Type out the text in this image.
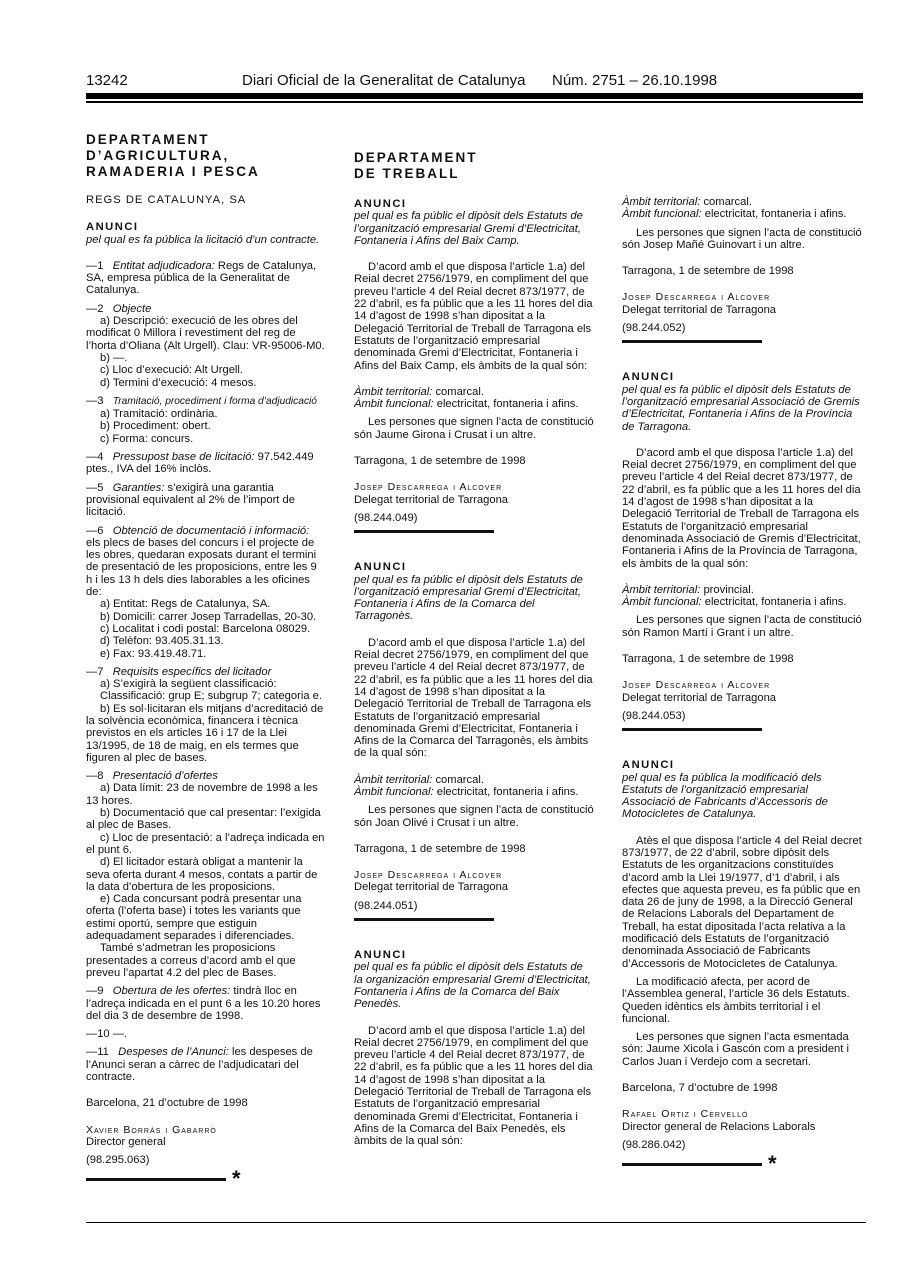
13242	Diari Oficial de la Generalitat de Catalunya Núm. 2751 – 26.10.1998
DEPARTAMENT
D’AGRICULTURA,
RAMADERIA I PESCA
REGS DE CATALUNYA, SA
ANUNCI
pel qual es fa pública la licitació d’un contracte.

—1 Entitat adjudicadora: Regs de Catalunya, SA, empresa pública de la Generalitat de Catalunya.

—2 Objecte

a) Descripció: execució de les obres del modificat 0 Millora i revestiment del reg de l’horta d’Oliana (Alt Urgell). Clau: VR-95006-M0.

b) —.

c) Lloc d’execució: Alt Urgell.

d) Termini d’execució: 4 mesos.

—3 Tramitació, procediment i forma d’adjudicació

a) Tramitació: ordinària.

b) Procediment: obert.

c) Forma: concurs.

—4 Pressupost base de licitació: 97.542.449 ptes., IVA del 16% inclòs.

—5 Garanties: s’exigirà una garantia provisional equivalent al 2% de l’import de licitació.

—6 Obtenció de documentació i informació: els plecs de bases del concurs i el projecte de les obres, quedaran exposats durant el termini de presentació de les proposicions, entre les 9 h i les 13 h dels dies laborables a les oficines de:

a) Entitat: Regs de Catalunya, SA.

b) Domicili: carrer Josep Tarradellas, 20-30.

c) Localitat i codi postal: Barcelona 08029.

d) Telèfon: 93.405.31.13.

e) Fax: 93.419.48.71.

—7 Requisits específics del licitador

a) S’exigirà la següent classificació:

Classificació: grup E; subgrup 7; categoria e.

b) Es sol·licitaran els mitjans d’acreditació de la solvència econòmica, financera i tècnica previstos en els articles 16 i 17 de la Llei 13/1995, de 18 de maig, en els termes que figuren al plec de bases.

—8 Presentació d’ofertes

a) Data límit: 23 de novembre de 1998 a les 13 hores.

b) Documentació que cal presentar: l’exigida al plec de Bases.

c) Lloc de presentació: a l’adreça indicada en el punt 6.

d) El licitador estarà obligat a mantenir la seva oferta durant 4 mesos, contats a partir de la data d’obertura de les proposicions.

e) Cada concursant podrà presentar una oferta (l’oferta base) i totes les variants que estimi oportú, sempre que estiguin adequadament separades i diferenciades.

També s’admetran les proposicions presentades a correus d’acord amb el que preveu l’apartat 4.2 del plec de Bases.

—9 Obertura de les ofertes: tindrà lloc en l’adreça indicada en el punt 6 a les 10.20 hores del dia 3 de desembre de 1998.

—10 —.

—11 Despeses de l’Anunci: les despeses de l’Anunci seran a càrrec de l’adjudicatari del contracte.

Barcelona, 21 d’octubre de 1998

Xavier Borràs i Gabarró

Director general

(98.295.063)

*
DEPARTAMENT
DE TREBALL
ANUNCI
pel qual es fa públic el dipòsit dels Estatuts de l’organització empresarial Gremi d’Electricitat, Fontaneria i Afins del Baix Camp.

D’acord amb el que disposa l’article 1.a) del Reial decret 2756/1979, en compliment del que preveu l’article 4 del Reial decret 873/1977, de 22 d’abril, es fa públic que a les 11 hores del dia 14 d’agost de 1998 s’han dipositat a la Delegació Territorial de Treball de Tarragona els Estatuts de l’organització empresarial denominada Gremi d’Electricitat, Fontaneria i Afins del Baix Camp, els àmbits de la qual són:

Àmbit territorial: comarcal.

Àmbit funcional: electricitat, fontaneria i afins.

Les persones que signen l’acta de constitució són Jaume Girona i Crusat i un altre.

Tarragona, 1 de setembre de 1998

Josep Descarrega i Alcover

Delegat territorial de Tarragona

(98.244.049)

ANUNCI
pel qual es fa públic el dipòsit dels Estatuts de l’organització empresarial Gremi d’Electricitat, Fontaneria i Afins de la Comarca del Tarragonès.

D’acord amb el que disposa l’article 1.a) del Reial decret 2756/1979, en compliment del que preveu l’article 4 del Reial decret 873/1977, de 22 d’abril, es fa públic que a les 11 hores del dia 14 d’agost de 1998 s’han dipositat a la Delegació Territorial de Treball de Tarragona els Estatuts de l’organització empresarial denominada Gremi d’Electricitat, Fontaneria i Afins de la Comarca del Tarragonès, els àmbits de la qual són:

Àmbit territorial: comarcal.

Àmbit funcional: electricitat, fontaneria i afins.

Les persones que signen l’acta de constitució són Joan Olivé i Crusat i un altre.

Tarragona, 1 de setembre de 1998

Josep Descarrega i Alcover

Delegat territorial de Tarragona

(98.244.051)

ANUNCI
pel qual es fa públic el dipòsit dels Estatuts de la organización empresarial Gremi d’Electricitat, Fontaneria i Afins de la Comarca del Baix Penedès.

D’acord amb el que disposa l’article 1.a) del Reial decret 2756/1979, en compliment del que preveu l’article 4 del Reial decret 873/1977, de 22 d’abril, es fa públic que a les 11 hores del dia 14 d’agost de 1998 s’han dipositat a la Delegació Territorial de Treball de Tarragona els Estatuts de l’organització empresarial denominada Gremi d’Electricitat, Fontaneria i Afins de la Comarca del Baix Penedès, els àmbits de la qual són:

Àmbit territorial: comarcal.

Àmbit funcional: electricitat, fontaneria i afins.

Les persones que signen l’acta de constitució són Josep Mañé Guinovart i un altre.

Tarragona, 1 de setembre de 1998

Josep Descarrega i Alcover

Delegat territorial de Tarragona

(98.244.052)

ANUNCI
pel qual es fa públic el dipòsit dels Estatuts de l’organització empresarial Associació de Gremis d’Electricitat, Fontaneria i Afins de la Província de Tarragona.

D’acord amb el que disposa l’article 1.a) del Reial decret 2756/1979, en compliment del que preveu l’article 4 del Reial decret 873/1977, de 22 d’abril, es fa públic que a les 11 hores del dia 14 d’agost de 1998 s’han dipositat a la Delegació Territorial de Treball de Tarragona els Estatuts de l’organització empresarial denominada Associació de Gremis d’Electricitat, Fontaneria i Afins de la Província de Tarragona, els àmbits de la qual són:

Àmbit territorial: provincial.

Àmbit funcional: electricitat, fontaneria i afins.

Les persones que signen l’acta de constitució són Ramon Martí i Grant i un altre.

Tarragona, 1 de setembre de 1998

Josep Descarrega i Alcover

Delegat territorial de Tarragona

(98.244.053)

ANUNCI
pel qual es fa pública la modificació dels Estatuts de l’organització empresarial Associació de Fabricants d’Accessoris de Motocicletes de Catalunya.

Atès el que disposa l’article 4 del Reial decret 873/1977, de 22 d’abril, sobre dipòsit dels Estatuts de les organitzacions constituïdes d’acord amb la Llei 19/1977, d’1 d’abril, i als efectes que aquesta preveu, es fa públic que en data 26 de juny de 1998, a la Direcció General de Relacions Laborals del Departament de Treball, ha estat dipositada l’acta relativa a la modificació dels Estatuts de l’organització denominada Associació de Fabricants d’Accessoris de Motocicletes de Catalunya.

La modificació afecta, per acord de l’Assemblea general, l’article 36 dels Estatuts. Queden idèntics els àmbits territorial i el funcional.

Les persones que signen l’acta esmentada són: Jaume Xicola i Gascón com a president i Carlos Juan i Verdejo com a secretari.

Barcelona, 7 d’octubre de 1998

Rafael Ortiz i Cervelló

Director general de Relacions Laborals

(98.286.042)

*
